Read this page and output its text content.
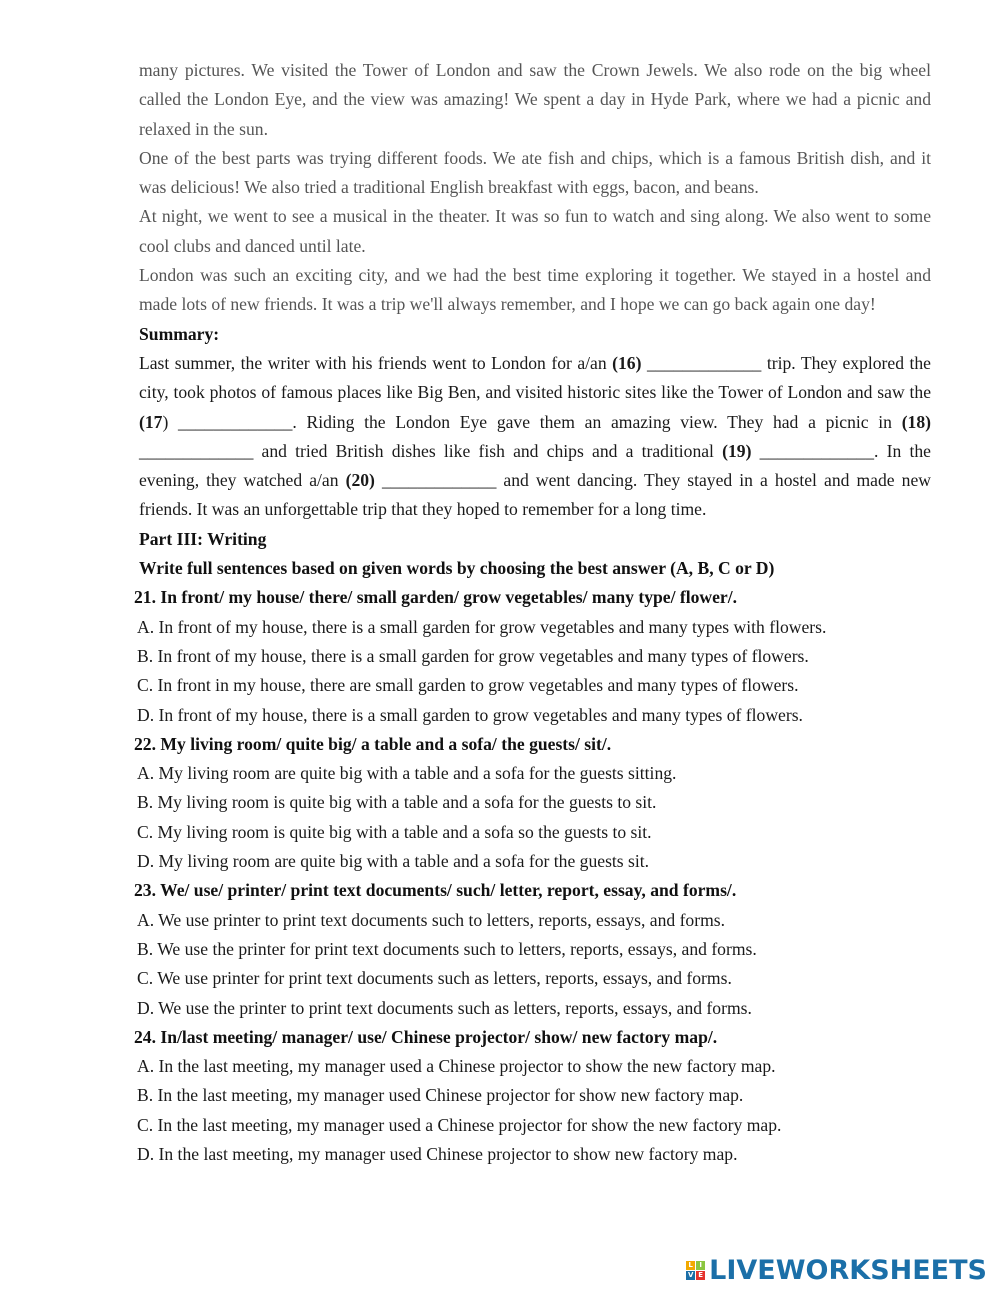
many pictures. We visited the Tower of London and saw the Crown Jewels. We also rode on the big wheel called the London Eye, and the view was amazing! We spent a day in Hyde Park, where we had a picnic and relaxed in the sun.

One of the best parts was trying different foods. We ate fish and chips, which is a famous British dish, and it was delicious! We also tried a traditional English breakfast with eggs, bacon, and beans.

At night, we went to see a musical in the theater. It was so fun to watch and sing along. We also went to some cool clubs and danced until late.

London was such an exciting city, and we had the best time exploring it together. We stayed in a hostel and made lots of new friends. It was a trip we'll always remember, and I hope we can go back again one day!

Summary:

Last summer, the writer with his friends went to London for a/an (16) _____________ trip. They explored the city, took photos of famous places like Big Ben, and visited historic sites like the Tower of London and saw the (17) _____________. Riding the London Eye gave them an amazing view. They had a picnic in (18) _____________ and tried British dishes like fish and chips and a traditional (19) _____________. In the evening, they watched a/an (20) _____________ and went dancing. They stayed in a hostel and made new friends. It was an unforgettable trip that they hoped to remember for a long time.

Part III: Writing

Write full sentences based on given words by choosing the best answer (A, B, C or D)

21. In front/ my house/ there/ small garden/ grow vegetables/ many type/ flower/.

A. In front of my house, there is a small garden for grow vegetables and many types with flowers.

B. In front of my house, there is a small garden for grow vegetables and many types of flowers.

C. In front in my house, there are small garden to grow vegetables and many types of flowers.

D. In front of my house, there is a small garden to grow vegetables and many types of flowers.

22. My living room/ quite big/ a table and a sofa/ the guests/ sit/.

A. My living room are quite big with a table and a sofa for the guests sitting.

B. My living room is quite big with a table and a sofa for the guests to sit.

C. My living room is quite big with a table and a sofa so the guests to sit.

D. My living room are quite big with a table and a sofa for the guests sit.

23. We/ use/ printer/ print text documents/ such/ letter, report, essay, and forms/.

A. We use printer to print text documents such to letters, reports, essays, and forms.

B. We use the printer for print text documents such to letters, reports, essays, and forms.

C. We use printer for print text documents such as letters, reports, essays, and forms.

D. We use the printer to print text documents such as letters, reports, essays, and forms.

24. In/last meeting/ manager/ use/ Chinese projector/ show/ new factory map/.

A. In the last meeting, my manager used a Chinese projector to show the new factory map.

B. In the last meeting, my manager used Chinese projector for show new factory map.

C. In the last meeting, my manager used a Chinese projector for show the new factory map.

D. In the last meeting, my manager used Chinese projector to show new factory map.

L I
V E LIVEWORKSHEETS
